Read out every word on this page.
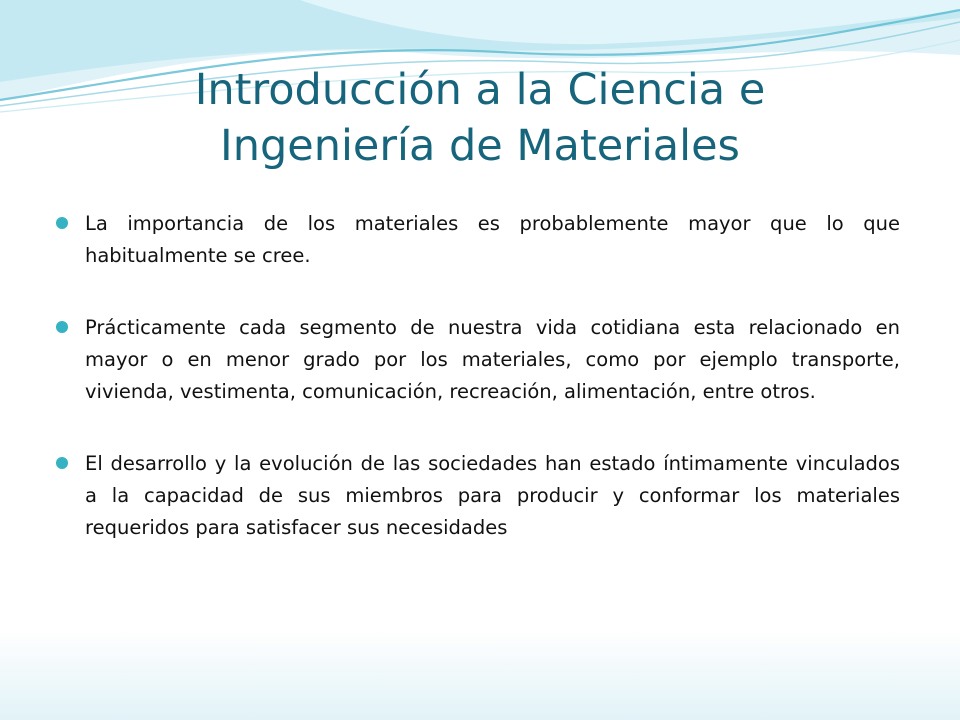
Introducción a la Ciencia e
Ingeniería de Materiales
La importancia de los materiales es probablemente mayor que lo que habitualmente se cree.
Prácticamente cada segmento de nuestra vida cotidiana esta relacionado en mayor o en menor grado por los materiales, como por ejemplo transporte, vivienda, vestimenta, comunicación, recreación, alimentación, entre otros.
El desarrollo y la evolución de las sociedades han estado íntimamente vinculados a la capacidad de sus miembros para producir y conformar los materiales requeridos para satisfacer sus necesidades
